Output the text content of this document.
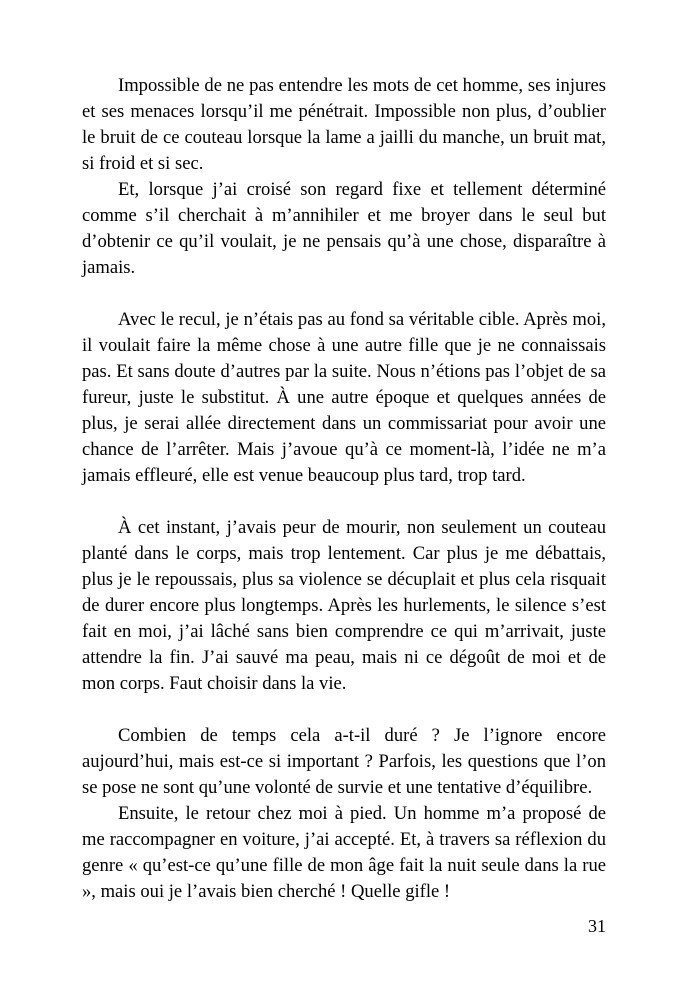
Impossible de ne pas entendre les mots de cet homme, ses injures et ses menaces lorsqu’il me pénétrait. Impossible non plus, d’oublier le bruit de ce couteau lorsque la lame a jailli du manche, un bruit mat, si froid et si sec.

Et, lorsque j’ai croisé son regard fixe et tellement déterminé comme s’il cherchait à m’annihiler et me broyer dans le seul but d’obtenir ce qu’il voulait, je ne pensais qu’à une chose, disparaître à jamais.

Avec le recul, je n’étais pas au fond sa véritable cible. Après moi, il voulait faire la même chose à une autre fille que je ne connaissais pas. Et sans doute d’autres par la suite. Nous n’étions pas l’objet de sa fureur, juste le substitut. À une autre époque et quelques années de plus, je serai allée directement dans un commissariat pour avoir une chance de l’arrêter. Mais j’avoue qu’à ce moment-là, l’idée ne m’a jamais effleuré, elle est venue beaucoup plus tard, trop tard.

À cet instant, j’avais peur de mourir, non seulement un couteau planté dans le corps, mais trop lentement. Car plus je me débattais, plus je le repoussais, plus sa violence se décuplait et plus cela risquait de durer encore plus longtemps. Après les hurlements, le silence s’est fait en moi, j’ai lâché sans bien comprendre ce qui m’arrivait, juste attendre la fin. J’ai sauvé ma peau, mais ni ce dégoût de moi et de mon corps. Faut choisir dans la vie.

Combien de temps cela a-t-il duré ? Je l’ignore encore aujourd’hui, mais est-ce si important ? Parfois, les questions que l’on se pose ne sont qu’une volonté de survie et une tentative d’équilibre.

Ensuite, le retour chez moi à pied. Un homme m’a proposé de me raccompagner en voiture, j’ai accepté. Et, à travers sa réflexion du genre « qu’est-ce qu’une fille de mon âge fait la nuit seule dans la rue », mais oui je l’avais bien cherché ! Quelle gifle !

31
